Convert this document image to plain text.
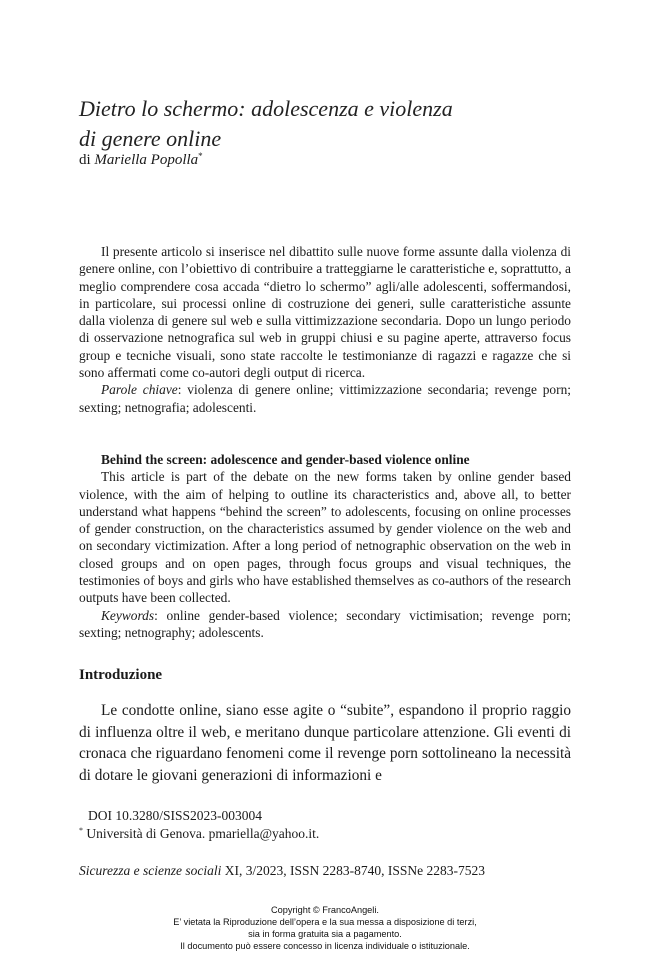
Dietro lo schermo: adolescenza e violenza
di genere online
di Mariella Popolla*

Il presente articolo si inserisce nel dibattito sulle nuove forme assunte dalla violenza di genere online, con l’obiettivo di contribuire a tratteggiarne le caratteristiche e, soprattutto, a meglio comprendere cosa accada “dietro lo schermo” agli/alle adolescenti, soffermandosi, in particolare, sui processi online di costruzione dei generi, sulle caratteristiche assunte dalla violenza di genere sul web e sulla vittimizzazione secondaria. Dopo un lungo periodo di osservazione netnografica sul web in gruppi chiusi e su pagine aperte, attraverso focus group e tecniche visuali, sono state raccolte le testimonianze di ragazzi e ragazze che si sono affermati come co-autori degli output di ricerca.

Parole chiave: violenza di genere online; vittimizzazione secondaria; revenge porn; sexting; netnografia; adolescenti.

Behind the screen: adolescence and gender-based violence online

This article is part of the debate on the new forms taken by online gender based violence, with the aim of helping to outline its characteristics and, above all, to better understand what happens “behind the screen” to adolescents, focusing on online processes of gender construction, on the characteristics assumed by gender violence on the web and on secondary victimization. After a long period of netnographic observation on the web in closed groups and on open pages, through focus groups and visual techniques, the testimonies of boys and girls who have established themselves as co-authors of the research outputs have been collected.

Keywords: online gender-based violence; secondary victimisation; revenge porn; sexting; netnography; adolescents.

Introduzione

Le condotte online, siano esse agite o “subite”, espandono il proprio raggio di influenza oltre il web, e meritano dunque particolare attenzione. Gli eventi di cronaca che riguardano fenomeni come il revenge porn sottolineano la necessità di dotare le giovani generazioni di informazioni e

DOI 10.3280/SISS2023-003004
* Università di Genova. pmariella@yahoo.it.
Sicurezza e scienze sociali XI, 3/2023, ISSN 2283-8740, ISSNe 2283-7523
Copyright © FrancoAngeli.
E’ vietata la Riproduzione dell’opera e la sua messa a disposizione di terzi,
sia in forma gratuita sia a pagamento.
Il documento può essere concesso in licenza individuale o istituzionale.
